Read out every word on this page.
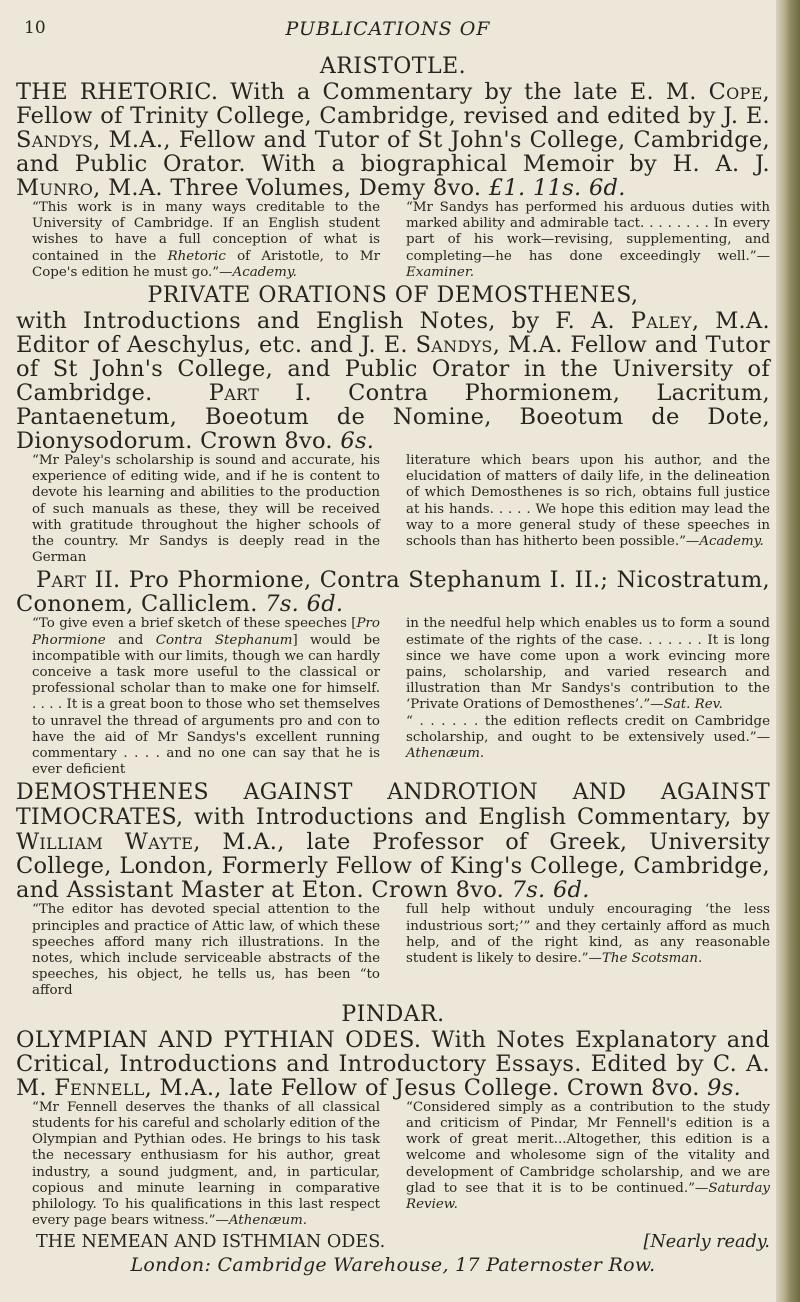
10	PUBLICATIONS OF
ARISTOTLE.
THE RHETORIC. With a Commentary by the late E. M. Cope, Fellow of Trinity College, Cambridge, revised and edited by J. E. Sandys, M.A., Fellow and Tutor of St John's College, Cambridge, and Public Orator. With a biographical Memoir by H. A. J. Munro, M.A. Three Volumes, Demy 8vo. £1. 11s. 6d.
“This work is in many ways creditable to the University of Cambridge. If an English student wishes to have a full conception of what is contained in the Rhetoric of Aristotle, to Mr Cope's edition he must go.”—Academy.
“Mr Sandys has performed his arduous duties with marked ability and admirable tact. . . . . . . . In every part of his work—revising, supplementing, and completing—he has done exceedingly well.”—Examiner.
PRIVATE ORATIONS OF DEMOSTHENES,
with Introductions and English Notes, by F. A. Paley, M.A. Editor of Aeschylus, etc. and J. E. Sandys, M.A. Fellow and Tutor of St John's College, and Public Orator in the University of Cambridge. Part I. Contra Phormionem, Lacritum, Pantaenetum, Boeotum de Nomine, Boeotum de Dote, Dionysodorum. Crown 8vo. 6s.
“Mr Paley's scholarship is sound and accurate, his experience of editing wide, and if he is content to devote his learning and abilities to the production of such manuals as these, they will be received with gratitude throughout the higher schools of the country. Mr Sandys is deeply read in the German
literature which bears upon his author, and the elucidation of matters of daily life, in the delineation of which Demosthenes is so rich, obtains full justice at his hands. . . . . We hope this edition may lead the way to a more general study of these speeches in schools than has hitherto been possible.”—Academy.
Part II. Pro Phormione, Contra Stephanum I. II.; Nicostratum, Cononem, Calliclem. 7s. 6d.
“To give even a brief sketch of these speeches [Pro Phormione and Contra Stephanum] would be incompatible with our limits, though we can hardly conceive a task more useful to the classical or professional scholar than to make one for himself. . . . . It is a great boon to those who set themselves to unravel the thread of arguments pro and con to have the aid of Mr Sandys's excellent running commentary . . . . and no one can say that he is ever deficient
in the needful help which enables us to form a sound estimate of the rights of the case. . . . . . . It is long since we have come upon a work evincing more pains, scholarship, and varied research and illustration than Mr Sandys's contribution to the ‘Private Orations of Demosthenes’.”—Sat. Rev.
“ . . . . . . the edition reflects credit on Cambridge scholarship, and ought to be extensively used.”—Athenæum.
DEMOSTHENES AGAINST ANDROTION AND AGAINST TIMOCRATES, with Introductions and English Commentary, by William Wayte, M.A., late Professor of Greek, University College, London, Formerly Fellow of King's College, Cambridge, and Assistant Master at Eton. Crown 8vo. 7s. 6d.
“The editor has devoted special attention to the principles and practice of Attic law, of which these speeches afford many rich illustrations. In the notes, which include serviceable abstracts of the speeches, his object, he tells us, has been “to afford
full help without unduly encouraging ‘the less industrious sort;’” and they certainly afford as much help, and of the right kind, as any reasonable student is likely to desire.”—The Scotsman.
PINDAR.
OLYMPIAN AND PYTHIAN ODES. With Notes Explanatory and Critical, Introductions and Introductory Essays. Edited by C. A. M. Fennell, M.A., late Fellow of Jesus College. Crown 8vo. 9s.
“Mr Fennell deserves the thanks of all classical students for his careful and scholarly edition of the Olympian and Pythian odes. He brings to his task the necessary enthusiasm for his author, great industry, a sound judgment, and, in particular, copious and minute learning in comparative philology. To his qualifications in this last respect every page bears witness.”—Athenæum.
“Considered simply as a contribution to the study and criticism of Pindar, Mr Fennell's edition is a work of great merit...Altogether, this edition is a welcome and wholesome sign of the vitality and development of Cambridge scholarship, and we are glad to see that it is to be continued.”—Saturday Review.
THE NEMEAN AND ISTHMIAN ODES.	[Nearly ready.
London: Cambridge Warehouse, 17 Paternoster Row.
